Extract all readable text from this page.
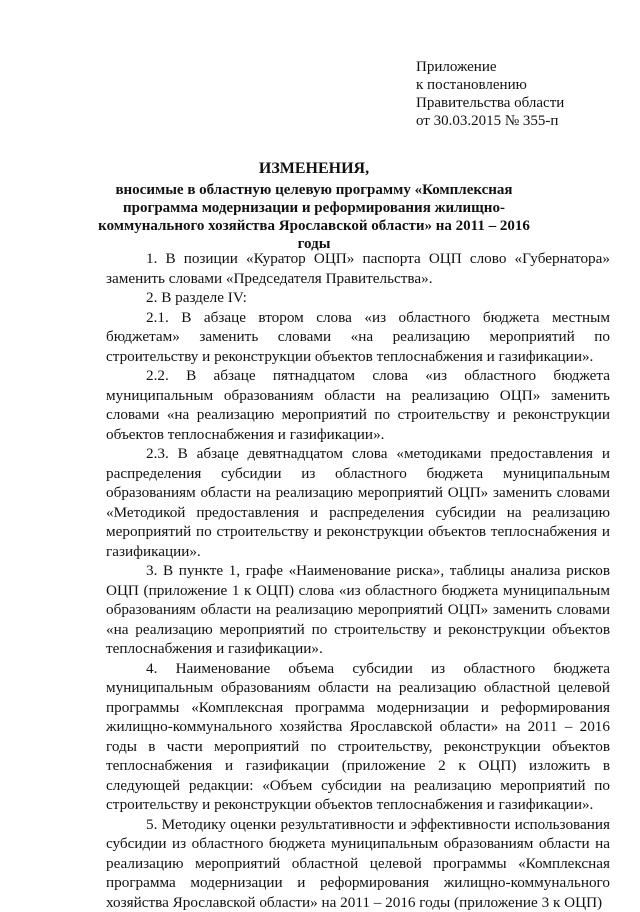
Приложение
к постановлению
Правительства области
от 30.03.2015 № 355-п
ИЗМЕНЕНИЯ,
вносимые в областную целевую программу «Комплексная программа модернизации и реформирования жилищно-коммунального хозяйства Ярославской области» на 2011 – 2016 годы

1. В позиции «Куратор ОЦП» паспорта ОЦП слово «Губернатора» заменить словами «Председателя Правительства».

2. В разделе IV:

2.1. В абзаце втором слова «из областного бюджета местным бюджетам» заменить словами «на реализацию мероприятий по строительству и реконструкции объектов теплоснабжения и газификации».

2.2. В абзаце пятнадцатом слова «из областного бюджета муниципальным образованиям области на реализацию ОЦП» заменить словами «на реализацию мероприятий по строительству и реконструкции объектов теплоснабжения и газификации».

2.3. В абзаце девятнадцатом слова «методиками предоставления и распределения субсидии из областного бюджета муниципальным образованиям области на реализацию мероприятий ОЦП» заменить словами «Методикой предоставления и распределения субсидии на реализацию мероприятий по строительству и реконструкции объектов теплоснабжения и газификации».

3. В пункте 1, графе «Наименование риска», таблицы анализа рисков ОЦП (приложение 1 к ОЦП) слова «из областного бюджета муниципальным образованиям области на реализацию мероприятий ОЦП» заменить словами «на реализацию мероприятий по строительству и реконструкции объектов теплоснабжения и газификации».

4. Наименование объема субсидии из областного бюджета муниципальным образованиям области на реализацию областной целевой программы «Комплексная программа модернизации и реформирования жилищно-коммунального хозяйства Ярославской области» на 2011 – 2016 годы в части мероприятий по строительству, реконструкции объектов теплоснабжения и газификации (приложение 2 к ОЦП) изложить в следующей редакции: «Объем субсидии на реализацию мероприятий по строительству и реконструкции объектов теплоснабжения и газификации».

5. Методику оценки результативности и эффективности использования субсидии из областного бюджета муниципальным образованиям области на реализацию мероприятий областной целевой программы «Комплексная программа модернизации и реформирования жилищно-коммунального хозяйства Ярославской области» на 2011 – 2016 годы (приложение 3 к ОЦП)
